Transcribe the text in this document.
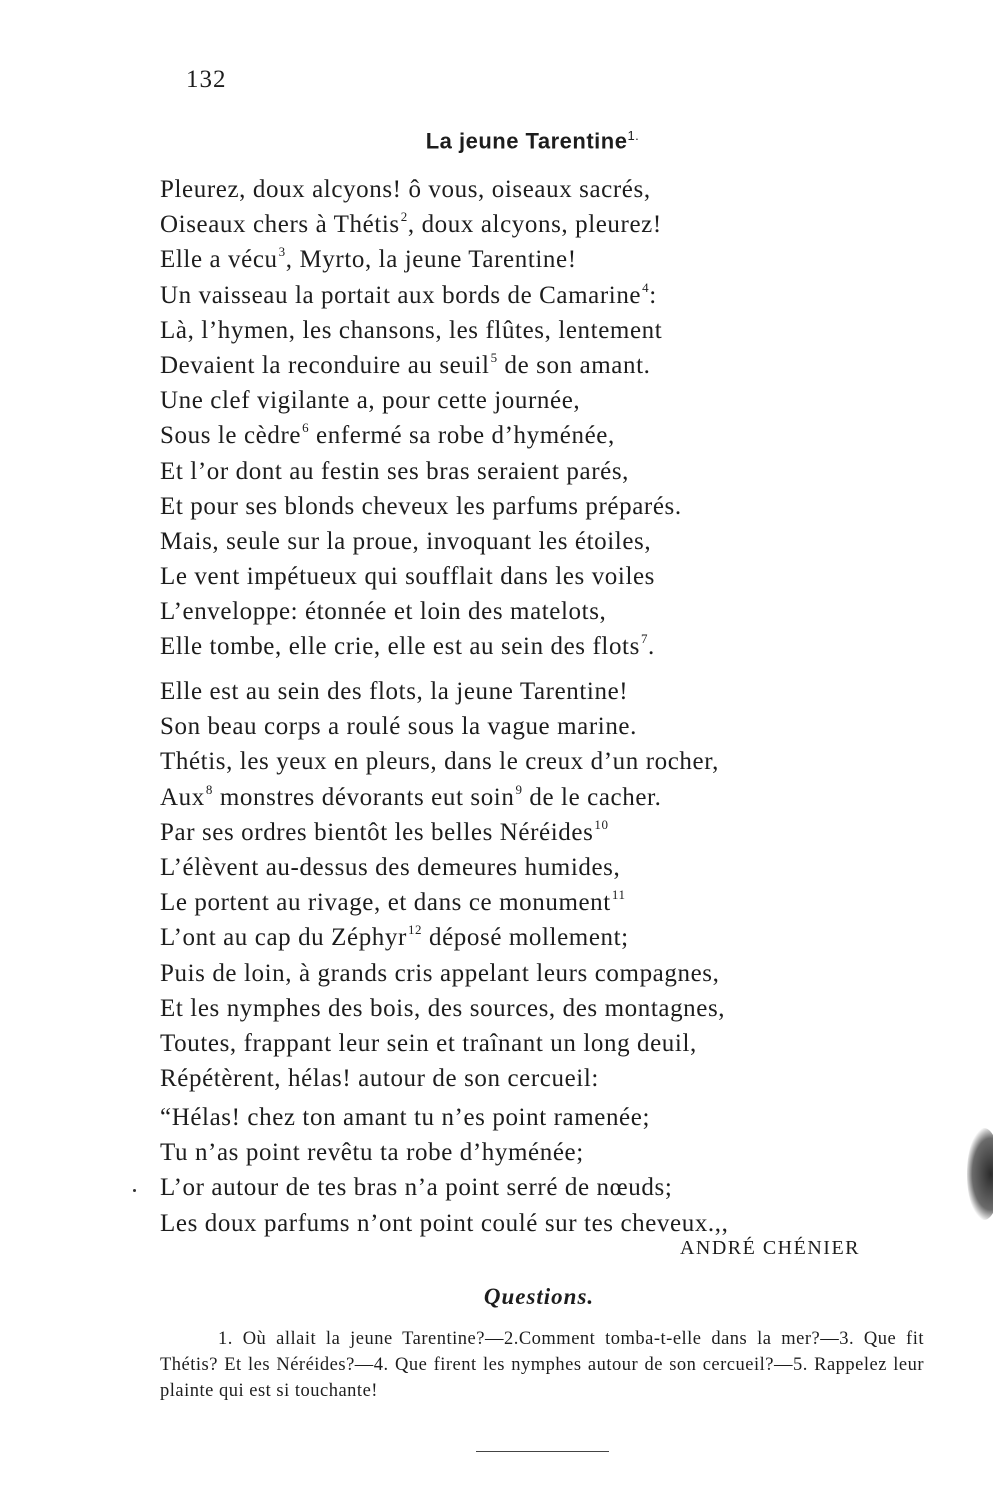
132
La jeune Tarentine$^{1.}$
Pleurez, doux alcyons! ô vous, oiseaux sacrés,
Oiseaux chers à Thétis$^2$, doux alcyons, pleurez!
Elle a vécu$^3$, Myrto, la jeune Tarentine!
Un vaisseau la portait aux bords de Camarine$^4$:
Là, l’hymen, les chansons, les flûtes, lentement
Devaient la reconduire au seuil$^5$ de son amant.
Une clef vigilante a, pour cette journée,
Sous le cèdre$^6$ enfermé sa robe d’hyménée,
Et l’or dont au festin ses bras seraient parés,
Et pour ses blonds cheveux les parfums préparés.
Mais, seule sur la proue, invoquant les étoiles,
Le vent impétueux qui soufflait dans les voiles
L’enveloppe: étonnée et loin des matelots,
Elle tombe, elle crie, elle est au sein des flots$^7$.
Elle est au sein des flots, la jeune Tarentine!
Son beau corps a roulé sous la vague marine.
Thétis, les yeux en pleurs, dans le creux d’un rocher,
Aux$^8$ monstres dévorants eut soin$^9$ de le cacher.
Par ses ordres bientôt les belles Néréides$^{10}$
L’élèvent au-dessus des demeures humides,
Le portent au rivage, et dans ce monument$^{11}$
L’ont au cap du Zéphyr$^{12}$ déposé mollement;
Puis de loin, à grands cris appelant leurs compagnes,
Et les nymphes des bois, des sources, des montagnes,
Toutes, frappant leur sein et traînant un long deuil,
Répétèrent, hélas! autour de son cercueil:
“Hélas! chez ton amant tu n’es point ramenée;
Tu n’as point revêtu ta robe d’hyménée;
L’or autour de tes bras n’a point serré de nœuds;
Les doux parfums n’ont point coulé sur tes cheveux.,,
ANDRÉ CHÉNIER
Questions.
1. Où allait la jeune Tarentine?—2.Comment tomba-t-elle dans la mer?—3. Que fit Thétis? Et les Néréides?—4. Que firent les nymphes autour de son cercueil?—5. Rappelez leur plainte qui est si touchante!
